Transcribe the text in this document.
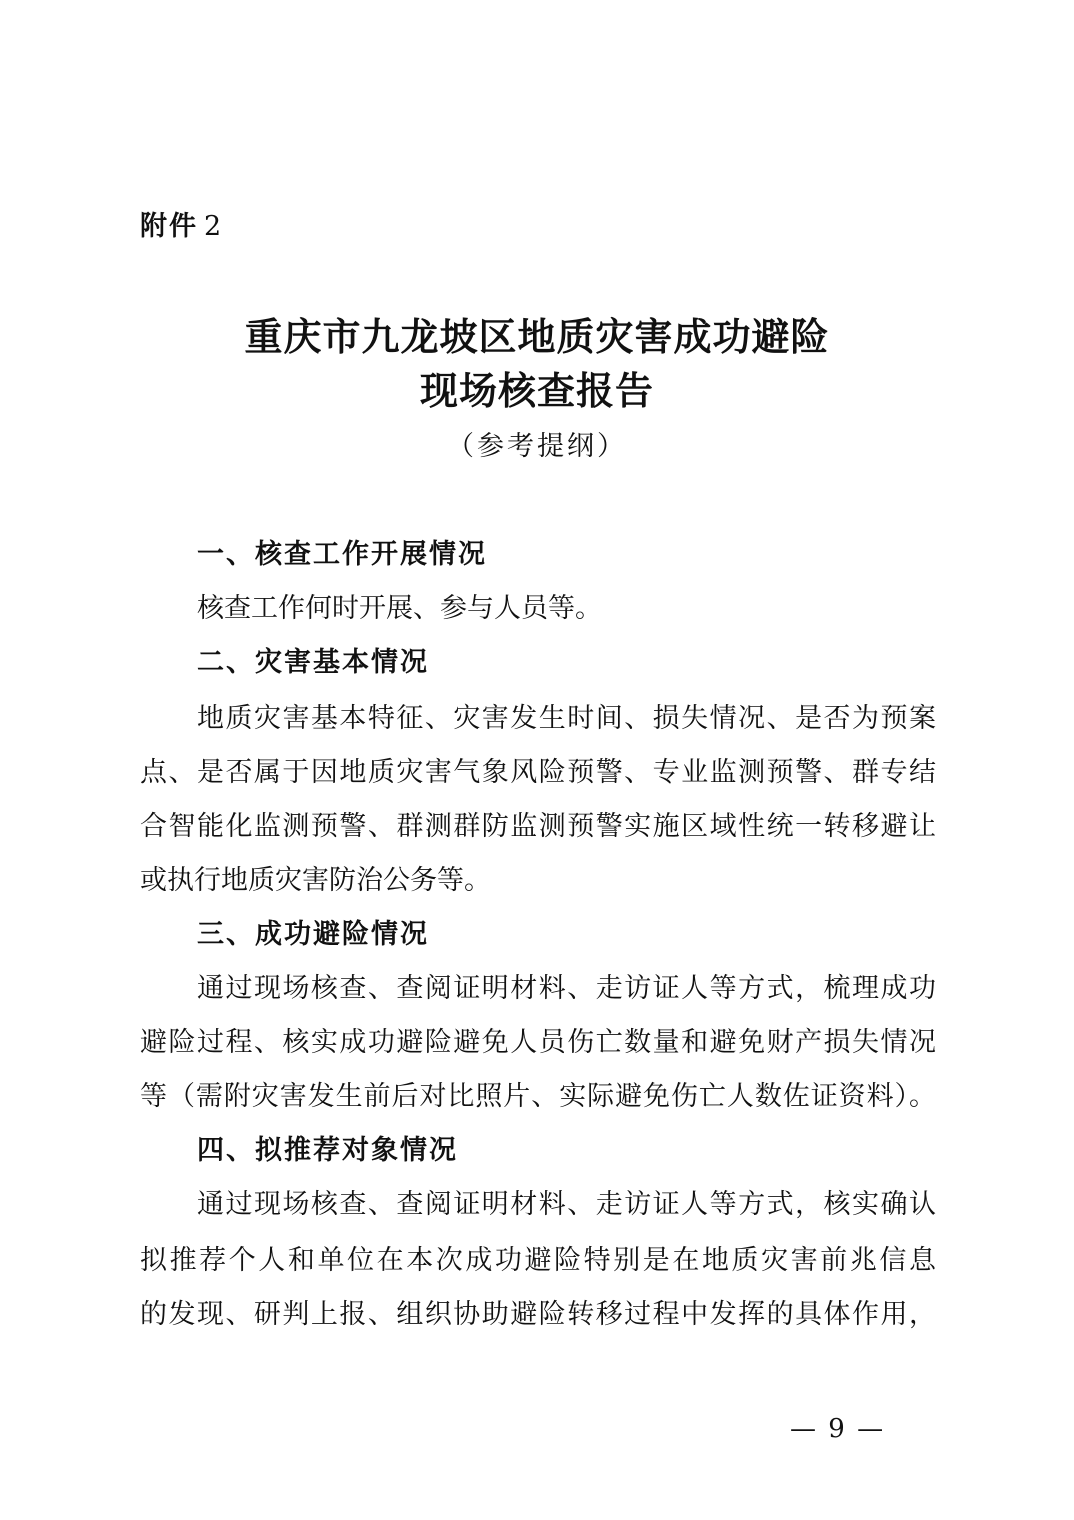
附件 2
重庆市九龙坡区地质灾害成功避险
现场核查报告
（参考提纲）
一、核查工作开展情况
核查工作何时开展、参与人员等。
二、灾害基本情况
地质灾害基本特征、灾害发生时间、损失情况、是否为预案
点、是否属于因地质灾害气象风险预警、专业监测预警、群专结
合智能化监测预警、群测群防监测预警实施区域性统一转移避让
或执行地质灾害防治公务等。
三、成功避险情况
通过现场核查、查阅证明材料、走访证人等方式，梳理成功
避险过程、核实成功避险避免人员伤亡数量和避免财产损失情况
等（需附灾害发生前后对比照片、实际避免伤亡人数佐证资料）。
四、拟推荐对象情况
通过现场核查、查阅证明材料、走访证人等方式，核实确认
拟推荐个人和单位在本次成功避险特别是在地质灾害前兆信息
的发现、研判上报、组织协助避险转移过程中发挥的具体作用，
— 9 —
